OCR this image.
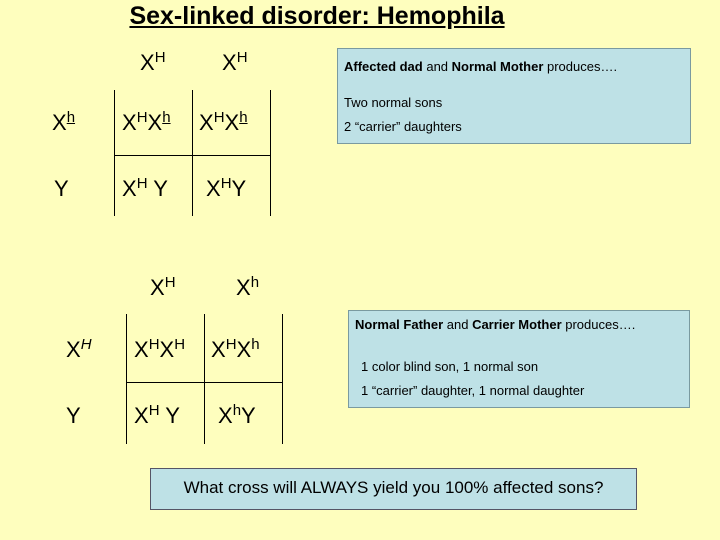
Sex-linked disorder: Hemophila
$X^H$	$X^H$
$X^h$
Y
$X^HX^h$ $X^HX^h$
$X^H$ Y $X^HY$

Affected dad and Normal Mother produces….

Two normal sons

2 “carrier” daughters

$X^H$	$X^h$
$X^H$
Y
$X^HX^H$ $X^HX^h$
$X^H$ Y $X^hY$

Normal Father and Carrier Mother produces….

1 color blind son, 1 normal son

1 “carrier” daughter, 1 normal daughter

What cross will ALWAYS yield you 100% affected sons?
